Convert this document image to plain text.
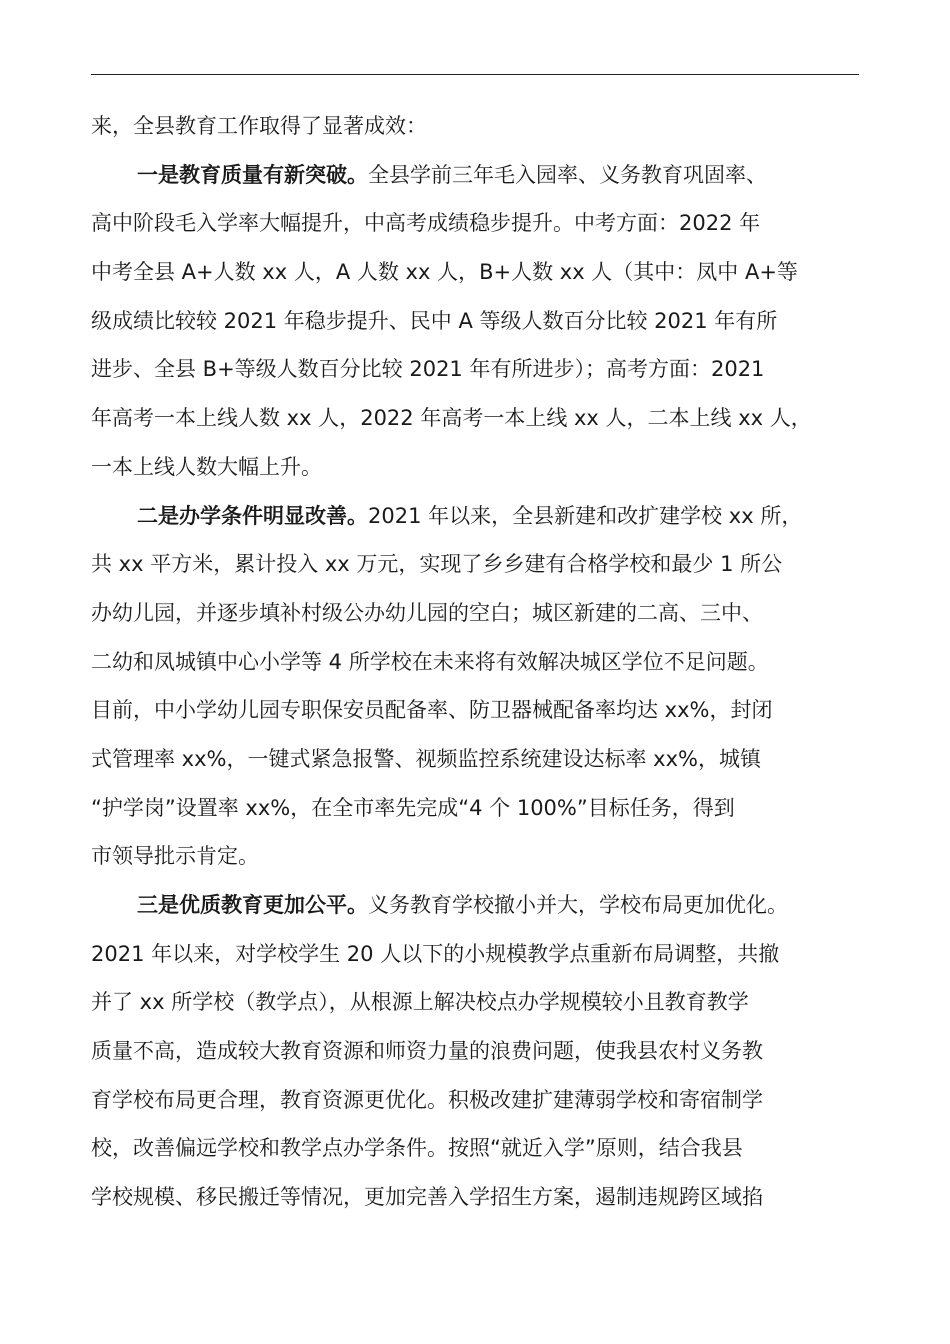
来，全县教育工作取得了显著成效：
一是教育质量有新突破。全县学前三年毛入园率、义务教育巩固率、
高中阶段毛入学率大幅提升，中高考成绩稳步提升。中考方面：2022 年
中考全县 A+人数 xx 人，A 人数 xx 人，B+人数 xx 人（其中：凤中 A+等
级成绩比较较 2021 年稳步提升、民中 A 等级人数百分比较 2021 年有所
进步、全县 B+等级人数百分比较 2021 年有所进步）；高考方面：2021
年高考一本上线人数 xx 人，2022 年高考一本上线 xx 人，二本上线 xx 人，
一本上线人数大幅上升。
二是办学条件明显改善。2021 年以来，全县新建和改扩建学校 xx 所，
共 xx 平方米，累计投入 xx 万元，实现了乡乡建有合格学校和最少 1 所公
办幼儿园，并逐步填补村级公办幼儿园的空白；城区新建的二高、三中、
二幼和凤城镇中心小学等 4 所学校在未来将有效解决城区学位不足问题。
目前，中小学幼儿园专职保安员配备率、防卫器械配备率均达 xx%，封闭
式管理率 xx%，一键式紧急报警、视频监控系统建设达标率 xx%，城镇
“护学岗”设置率 xx%，在全市率先完成“4 个 100%”目标任务，得到
市领导批示肯定。
三是优质教育更加公平。义务教育学校撤小并大，学校布局更加优化。
2021 年以来，对学校学生 20 人以下的小规模教学点重新布局调整，共撤
并了 xx 所学校（教学点），从根源上解决校点办学规模较小且教育教学
质量不高，造成较大教育资源和师资力量的浪费问题，使我县农村义务教
育学校布局更合理，教育资源更优化。积极改建扩建薄弱学校和寄宿制学
校，改善偏远学校和教学点办学条件。按照“就近入学”原则，结合我县
学校规模、移民搬迁等情况，更加完善入学招生方案，遏制违规跨区域掐
